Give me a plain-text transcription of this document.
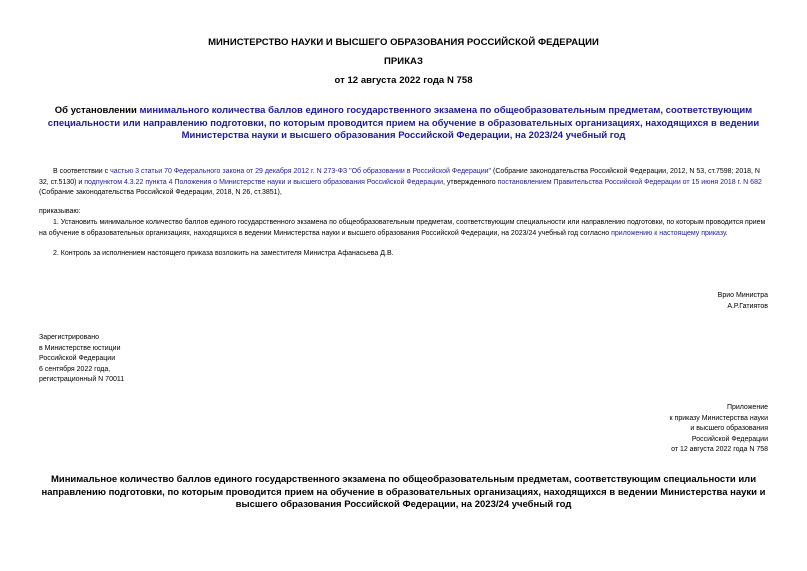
МИНИСТЕРСТВО НАУКИ И ВЫСШЕГО ОБРАЗОВАНИЯ РОССИЙСКОЙ ФЕДЕРАЦИИ
ПРИКАЗ
от 12 августа 2022 года N 758
Об установлении минимального количества баллов единого государственного экзамена по общеобразовательным предметам, соответствующим специальности или направлению подготовки, по которым проводится прием на обучение в образовательных организациях, находящихся в ведении Министерства науки и высшего образования Российской Федерации, на 2023/24 учебный год
В соответствии с частью 3 статьи 70 Федерального закона от 29 декабря 2012 г. N 273-ФЗ "Об образовании в Российской Федерации" (Собрание законодательства Российской Федерации, 2012, N 53, ст.7598; 2018, N 32, ст.5130) и подпунктом 4.3.22 пункта 4 Положения о Министерстве науки и высшего образования Российской Федерации, утвержденного постановлением Правительства Российской Федерации от 15 июня 2018 г. N 682 (Собрание законодательства Российской Федерации, 2018, N 26, ст.3851),
приказываю:
1. Установить минимальное количество баллов единого государственного экзамена по общеобразовательным предметам, соответствующим специальности или направлению подготовки, по которым проводится прием на обучение в образовательных организациях, находящихся в ведении Министерства науки и высшего образования Российской Федерации, на 2023/24 учебный год согласно приложению к настоящему приказу.
2. Контроль за исполнением настоящего приказа возложить на заместителя Министра Афанасьева Д.В.
Врио Министра
А.Р.Гатиятов
Зарегистрировано
в Министерстве юстиции
Российской Федерации
6 сентября 2022 года,
регистрационный N 70011
Приложение
к приказу Министерства науки
и высшего образования
Российской Федерации
от 12 августа 2022 года N 758
Минимальное количество баллов единого государственного экзамена по общеобразовательным предметам, соответствующим специальности или направлению подготовки, по которым проводится прием на обучение в образовательных организациях, находящихся в ведении Министерства науки и высшего образования Российской Федерации, на 2023/24 учебный год
